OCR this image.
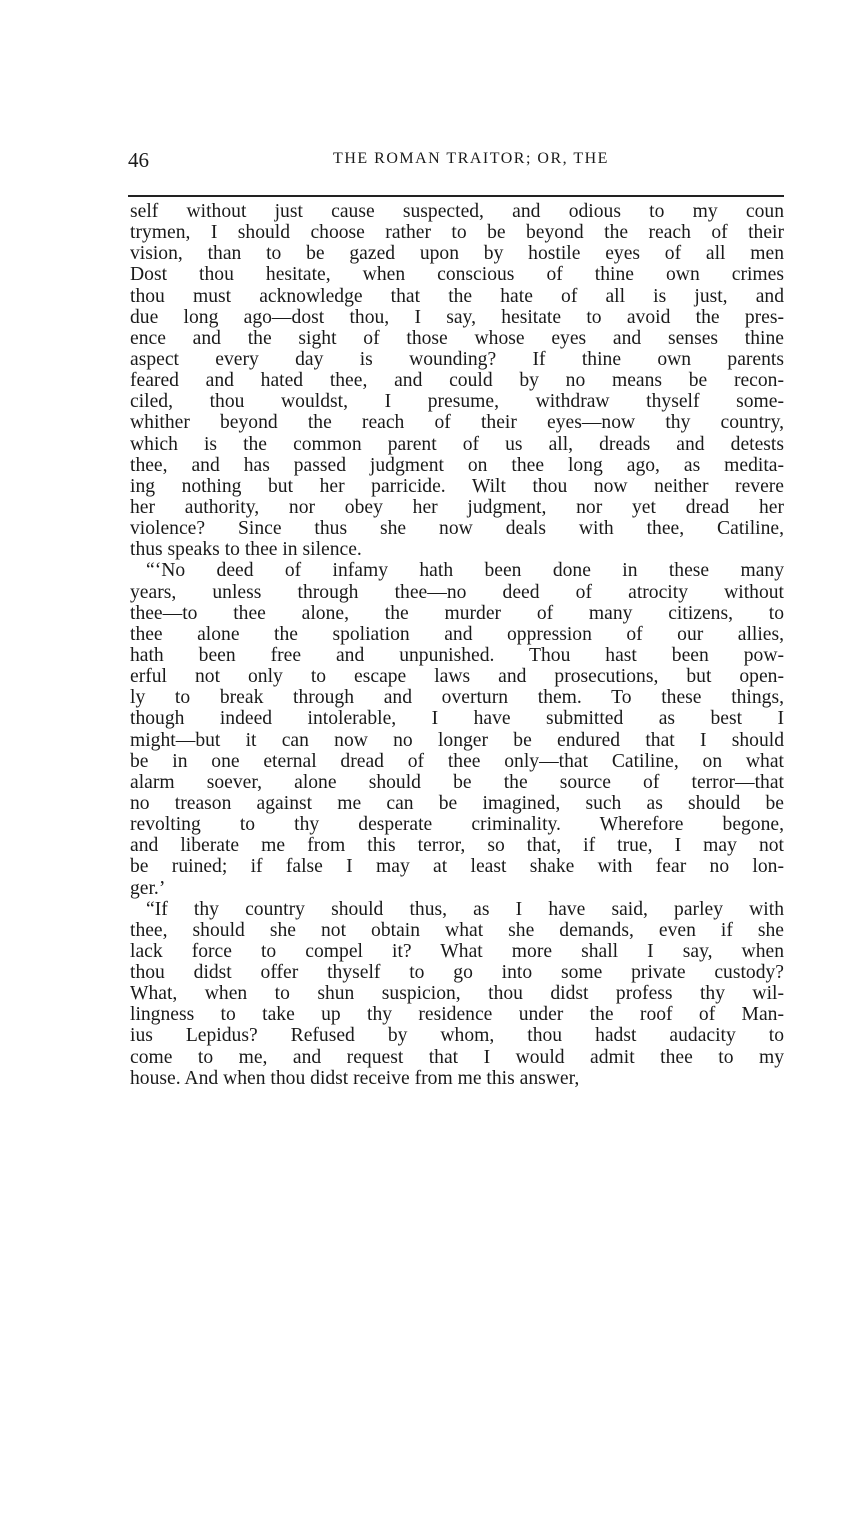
46	THE ROMAN TRAITOR; OR, THE
self without just cause suspected, and odious to my coun
trymen, I should choose rather to be beyond the reach of their
vision, than to be gazed upon by hostile eyes of all men
Dost thou hesitate, when conscious of thine own crimes
thou must acknowledge that the hate of all is just, and
due long ago—dost thou, I say, hesitate to avoid the pres-
ence and the sight of those whose eyes and senses thine
aspect every day is wounding? If thine own parents
feared and hated thee, and could by no means be recon-
ciled, thou wouldst, I presume, withdraw thyself some-
whither beyond the reach of their eyes—now thy country,
which is the common parent of us all, dreads and detests
thee, and has passed judgment on thee long ago, as medita-
ing nothing but her parricide. Wilt thou now neither revere
her authority, nor obey her judgment, nor yet dread her
violence? Since thus she now deals with thee, Catiline,
thus speaks to thee in silence.
“‘No deed of infamy hath been done in these many
years, unless through thee—no deed of atrocity without
thee—to thee alone, the murder of many citizens, to
thee alone the spoliation and oppression of our allies,
hath been free and unpunished. Thou hast been pow-
erful not only to escape laws and prosecutions, but open-
ly to break through and overturn them. To these things,
though indeed intolerable, I have submitted as best I
might—but it can now no longer be endured that I should
be in one eternal dread of thee only—that Catiline, on what
alarm soever, alone should be the source of terror—that
no treason against me can be imagined, such as should be
revolting to thy desperate criminality. Wherefore begone,
and liberate me from this terror, so that, if true, I may not
be ruined; if false I may at least shake with fear no lon-
ger.’
“If thy country should thus, as I have said, parley with
thee, should she not obtain what she demands, even if she
lack force to compel it? What more shall I say, when
thou didst offer thyself to go into some private custody?
What, when to shun suspicion, thou didst profess thy wil-
lingness to take up thy residence under the roof of Man-
ius Lepidus? Refused by whom, thou hadst audacity to
come to me, and request that I would admit thee to my
house. And when thou didst receive from me this answer,
